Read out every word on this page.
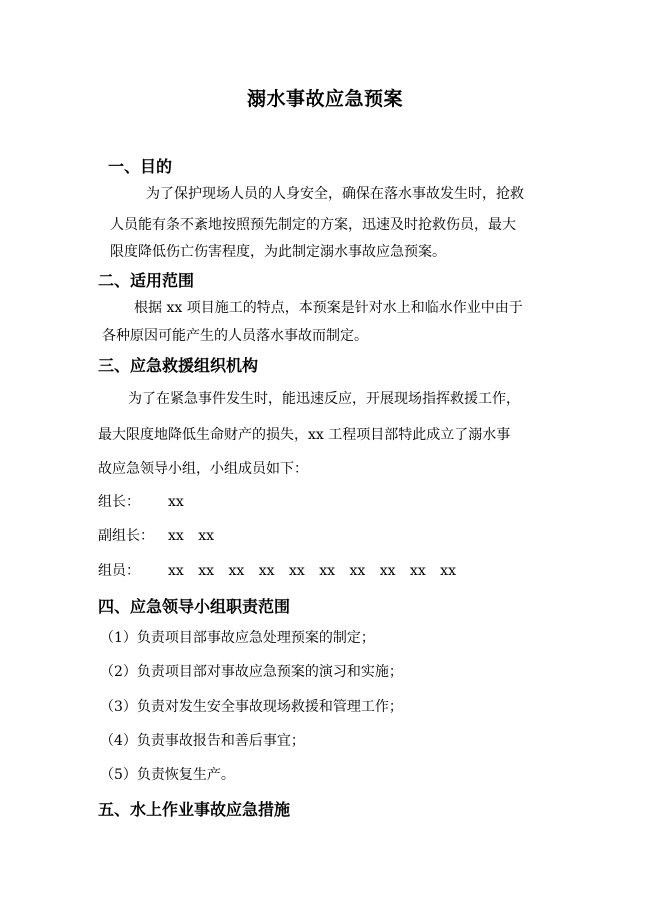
溺水事故应急预案
一、目的
为了保护现场人员的人身安全，确保在落水事故发生时，抢救
人员能有条不紊地按照预先制定的方案，迅速及时抢救伤员，最大
限度降低伤亡伤害程度，为此制定溺水事故应急预案。
二、适用范围
根据 xx 项目施工的特点，本预案是针对水上和临水作业中由于
各种原因可能产生的人员落水事故而制定。
三、应急救援组织机构
为了在紧急事件发生时，能迅速反应，开展现场指挥救援工作，
最大限度地降低生命财产的损失，xx 工程项目部特此成立了溺水事
故应急领导小组，小组成员如下：
组长： xx
副组长： xx xx
组员： xx xx xx xx xx xx xx xx xx xx
四、应急领导小组职责范围
（1）负责项目部事故应急处理预案的制定；
（2）负责项目部对事故应急预案的演习和实施；
（3）负责对发生安全事故现场救援和管理工作；
（4）负责事故报告和善后事宜；
（5）负责恢复生产。
五、水上作业事故应急措施
